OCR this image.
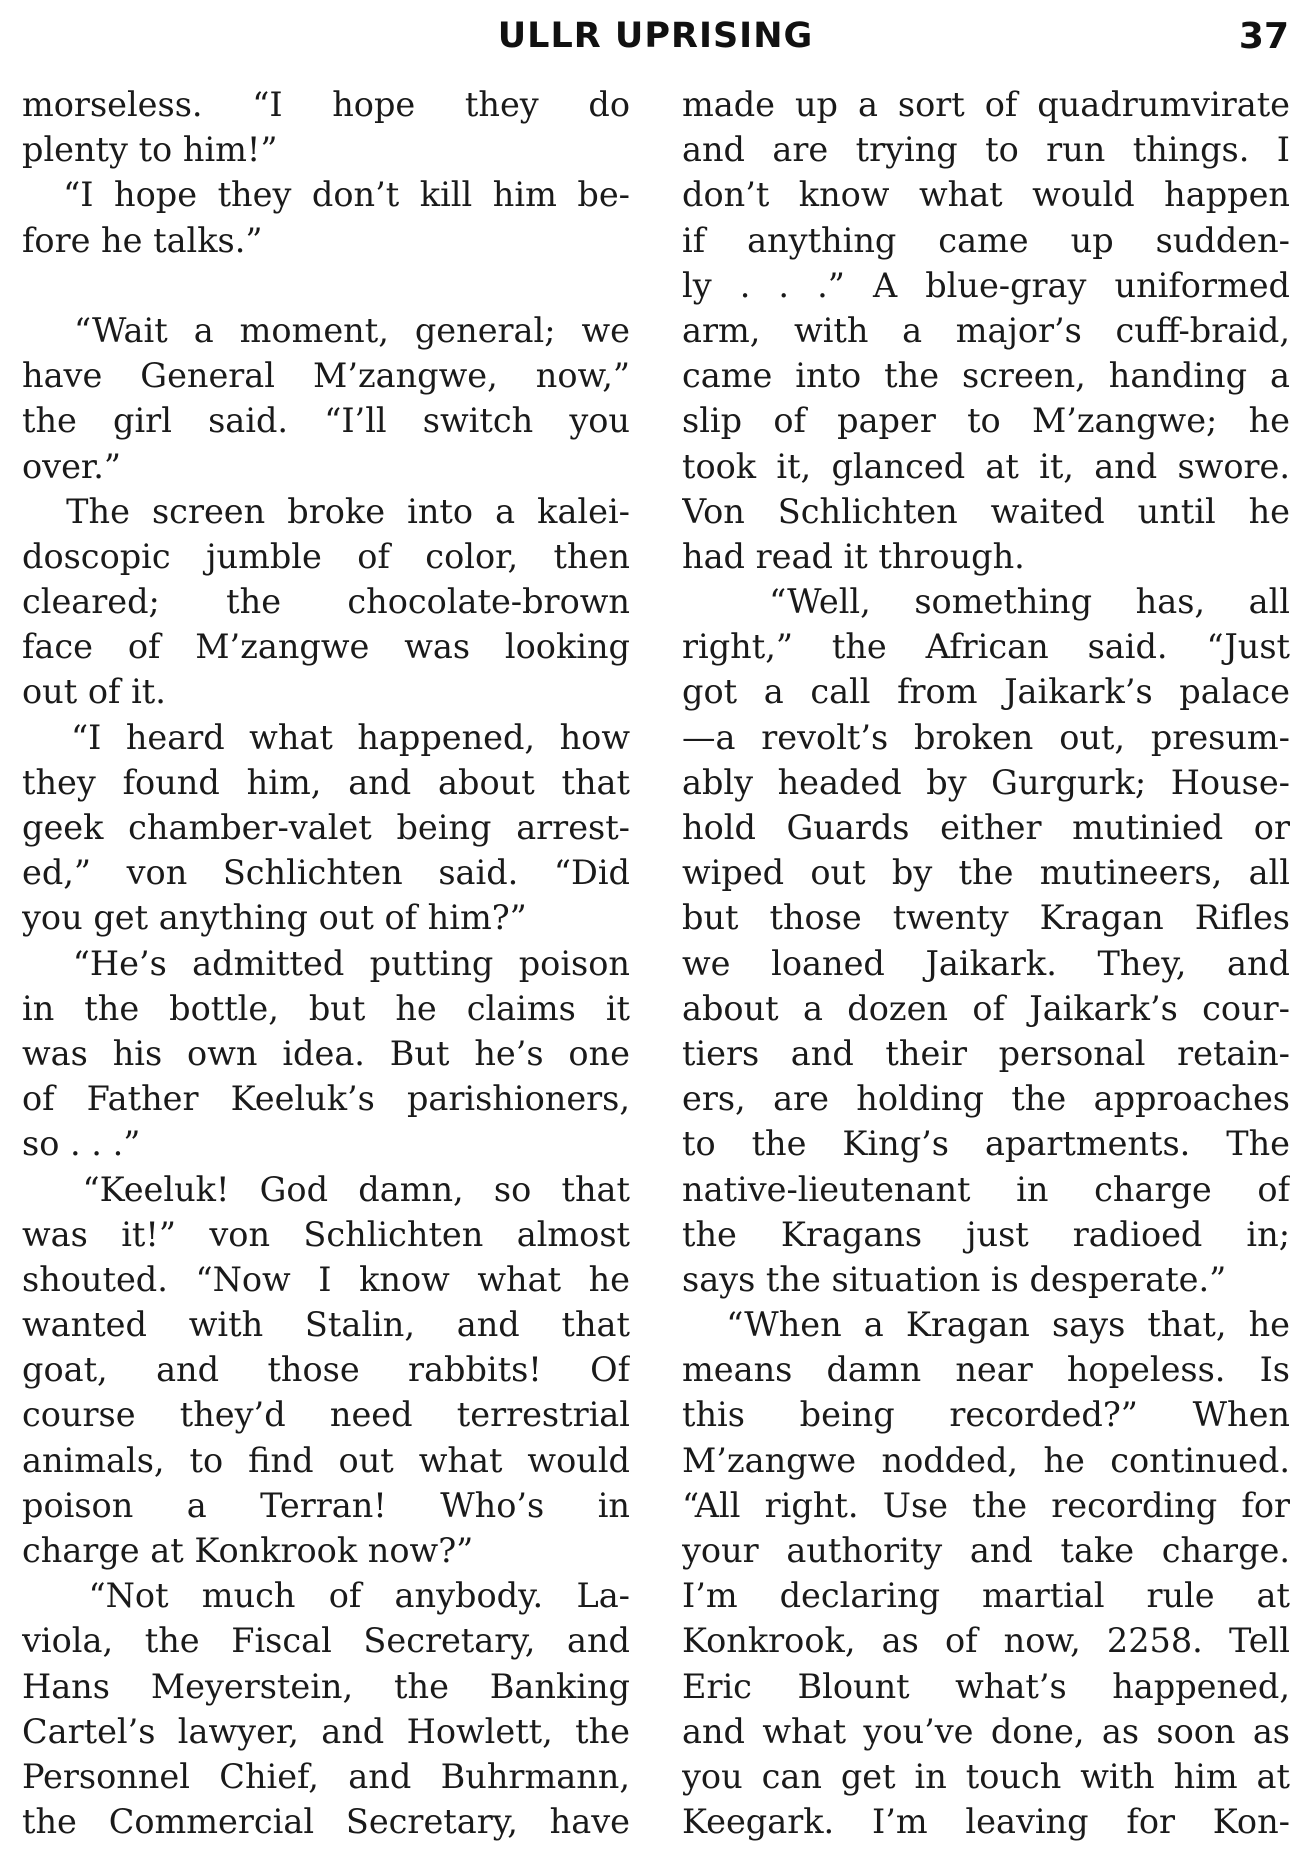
ULLR UPRISING	37
morseless. “I hope they do
plenty to him!”
“I hope they don’t kill him be-
fore he talks.”
“Wait a moment, general; we
have General M’zangwe, now,”
the girl said. “I’ll switch you
over.”
The screen broke into a kalei-
doscopic jumble of color, then
cleared; the chocolate-brown
face of M’zangwe was looking
out of it.
“I heard what happened, how
they found him, and about that
geek chamber-valet being arrest-
ed,” von Schlichten said. “Did
you get anything out of him?”
“He’s admitted putting poison
in the bottle, but he claims it
was his own idea. But he’s one
of Father Keeluk’s parishioners,
so . . .”
“Keeluk! God damn, so that
was it!” von Schlichten almost
shouted. “Now I know what he
wanted with Stalin, and that
goat, and those rabbits! Of
course they’d need terrestrial
animals, to find out what would
poison a Terran! Who’s in
charge at Konkrook now?”
“Not much of anybody. La-
viola, the Fiscal Secretary, and
Hans Meyerstein, the Banking
Cartel’s lawyer, and Howlett, the
Personnel Chief, and Buhrmann,
the Commercial Secretary, have
made up a sort of quadrumvirate
and are trying to run things. I
don’t know what would happen
if anything came up sudden-
ly . . .” A blue-gray uniformed
arm, with a major’s cuff-braid,
came into the screen, handing a
slip of paper to M’zangwe; he
took it, glanced at it, and swore.
Von Schlichten waited until he
had read it through.
“Well, something has, all
right,” the African said. “Just
got a call from Jaikark’s palace
—a revolt’s broken out, presum-
ably headed by Gurgurk; House-
hold Guards either mutinied or
wiped out by the mutineers, all
but those twenty Kragan Rifles
we loaned Jaikark. They, and
about a dozen of Jaikark’s cour-
tiers and their personal retain-
ers, are holding the approaches
to the King’s apartments. The
native-lieutenant in charge of
the Kragans just radioed in;
says the situation is desperate.”
“When a Kragan says that, he
means damn near hopeless. Is
this being recorded?” When
M’zangwe nodded, he continued.
“All right. Use the recording for
your authority and take charge.
I’m declaring martial rule at
Konkrook, as of now, 2258. Tell
Eric Blount what’s happened,
and what you’ve done, as soon as
you can get in touch with him at
Keegark. I’m leaving for Kon-
